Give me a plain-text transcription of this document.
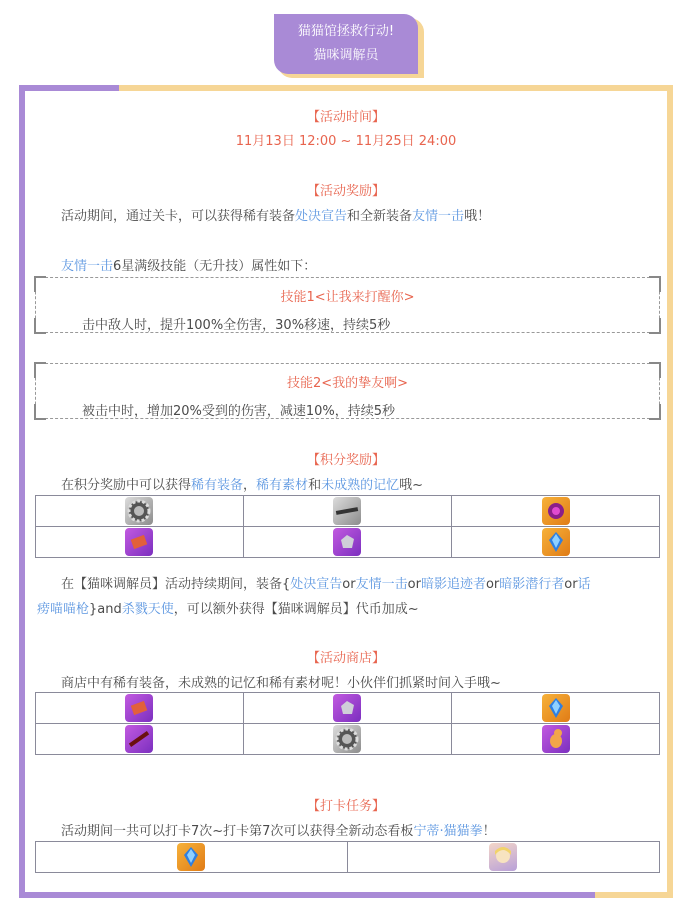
猫猫馆拯救行动!
猫咪调解员
【活动时间】
11月13日 12:00 ~ 11月25日 24:00
【活动奖励】
活动期间，通过关卡，可以获得稀有装备处决宣告和全新装备友情一击哦！
友情一击6星满级技能（无升技）属性如下：
技能1<让我来打醒你>
击中敌人时，提升100%全伤害，30%移速，持续5秒
技能2<我的挚友啊>
被击中时，增加20%受到的伤害，减速10%，持续5秒
【积分奖励】
在积分奖励中可以获得稀有装备，稀有素材和未成熟的记忆哦~

在【猫咪调解员】活动持续期间，装备{处决宣告or友情一击or暗影追迹者or暗影潜行者or话
痨喵喵枪}and杀戮天使，可以额外获得【猫咪调解员】代币加成~
【活动商店】
商店中有稀有装备，未成熟的记忆和稀有素材呢！小伙伴们抓紧时间入手哦~

【打卡任务】
活动期间一共可以打卡7次~打卡第7次可以获得全新动态看板宁蒂·猫猫拳！
